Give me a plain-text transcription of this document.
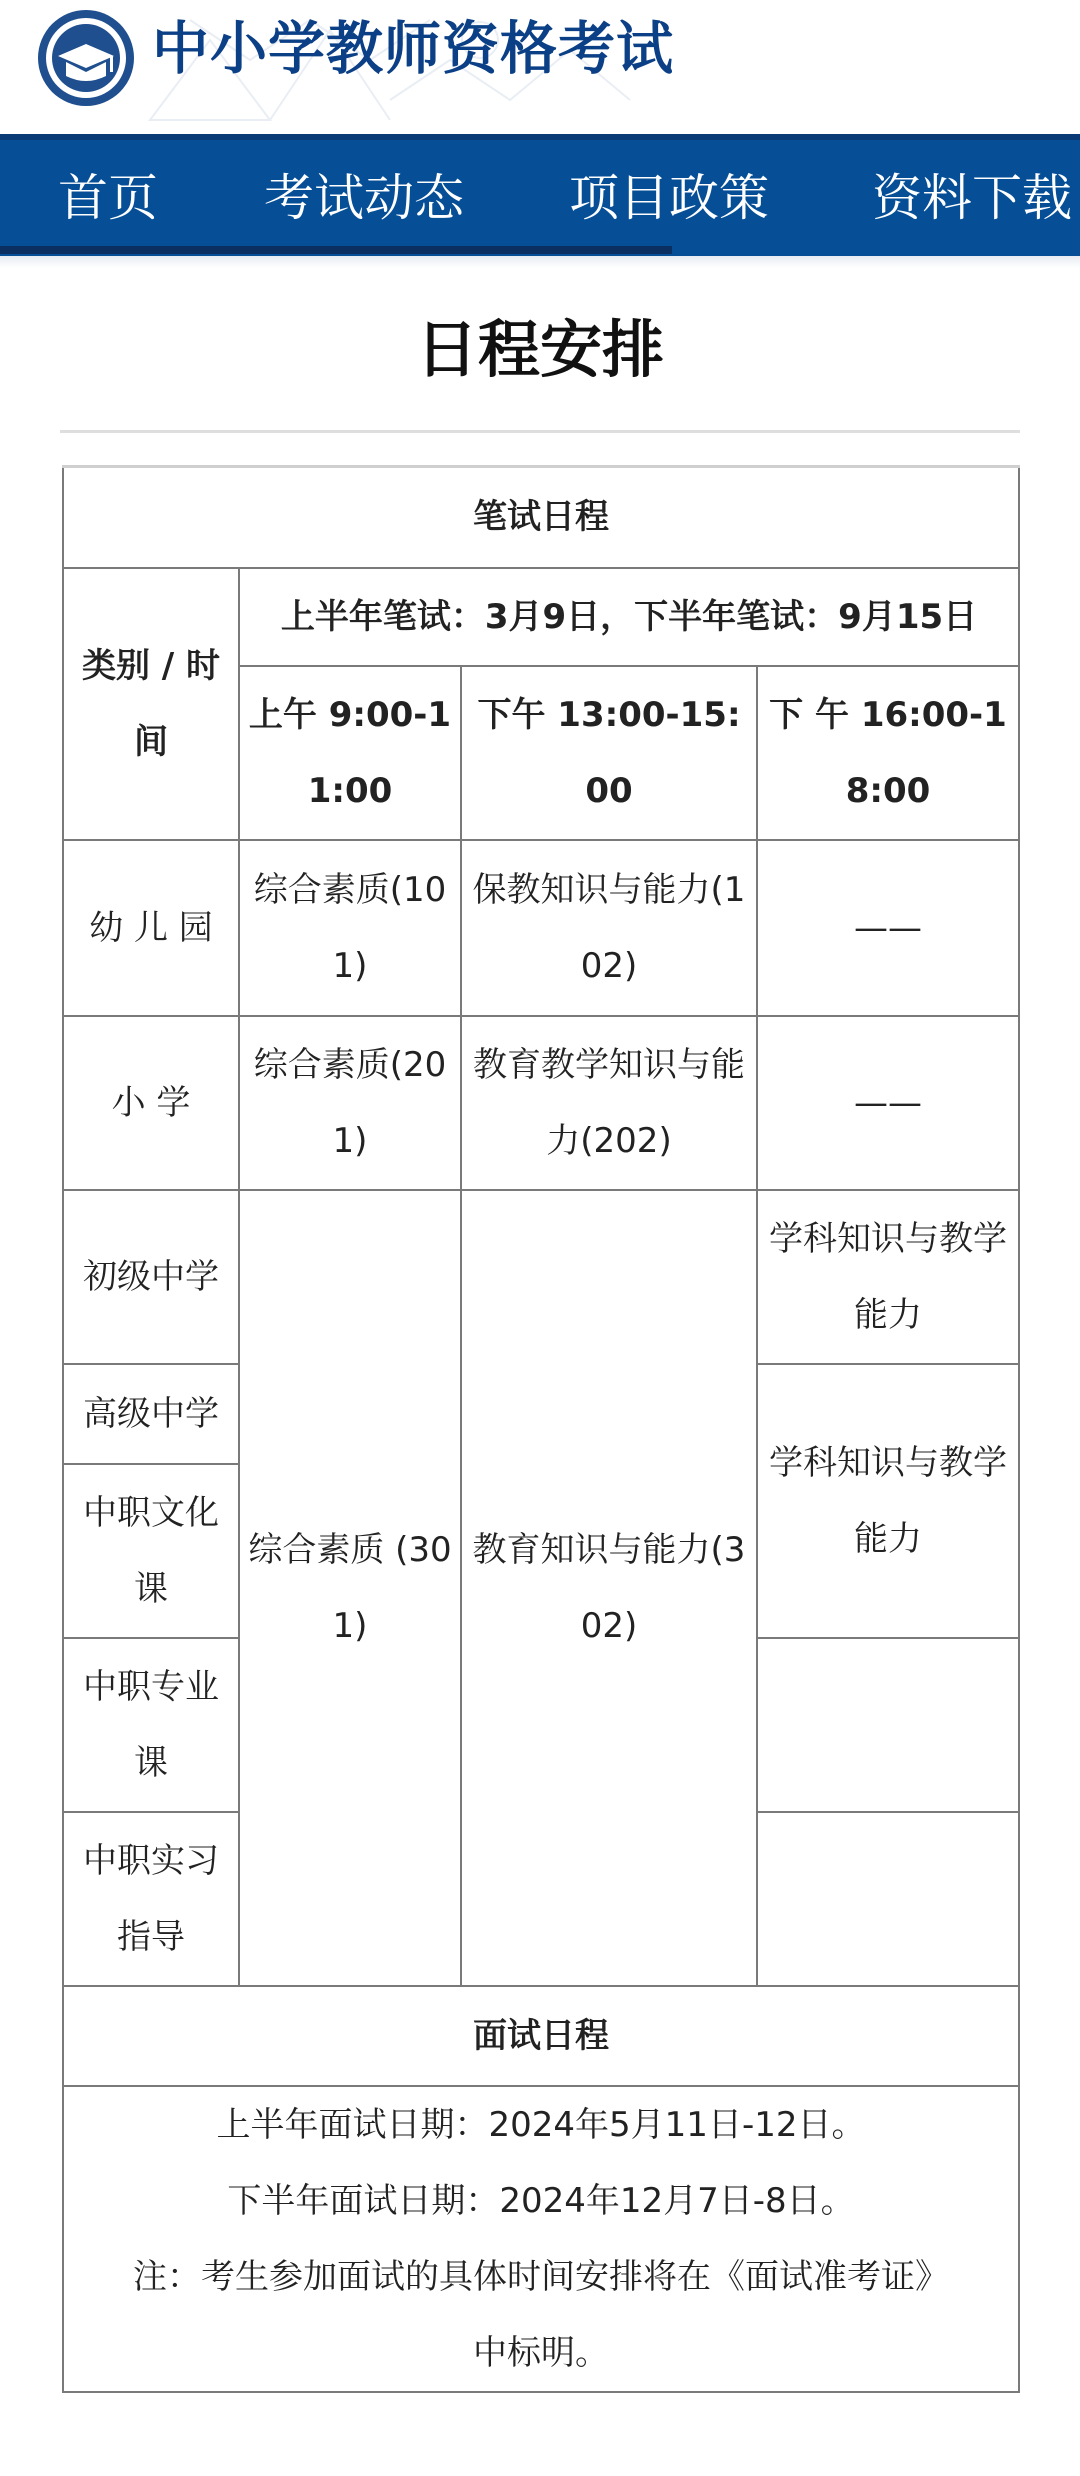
中小学教师资格考试
首页 考试动态 项目政策 资料下载
日程安排
笔试日程			
类别 / 时间	上半年笔试：3月9日，下半年笔试：9月15日		
	上午 9:00-11:00	下午 13:00-15:00	下 午 16:00-18:00
幼 儿 园	综合素质(101)	保教知识与能力(102)	——
小 学	综合素质(201)	教育教学知识与能力(202)	——
初级中学	综合素质 (301)	教育知识与能力(302)	学科知识与教学能力
高级中学			学科知识与教学能力
中职文化课			
中职专业课			
中职实习指导			
面试日程			

上半年面试日期：2024年5月11日-12日。

下半年面试日期：2024年12月7日-8日。

注：考生参加面试的具体时间安排将在《面试准考证》中标明。			
